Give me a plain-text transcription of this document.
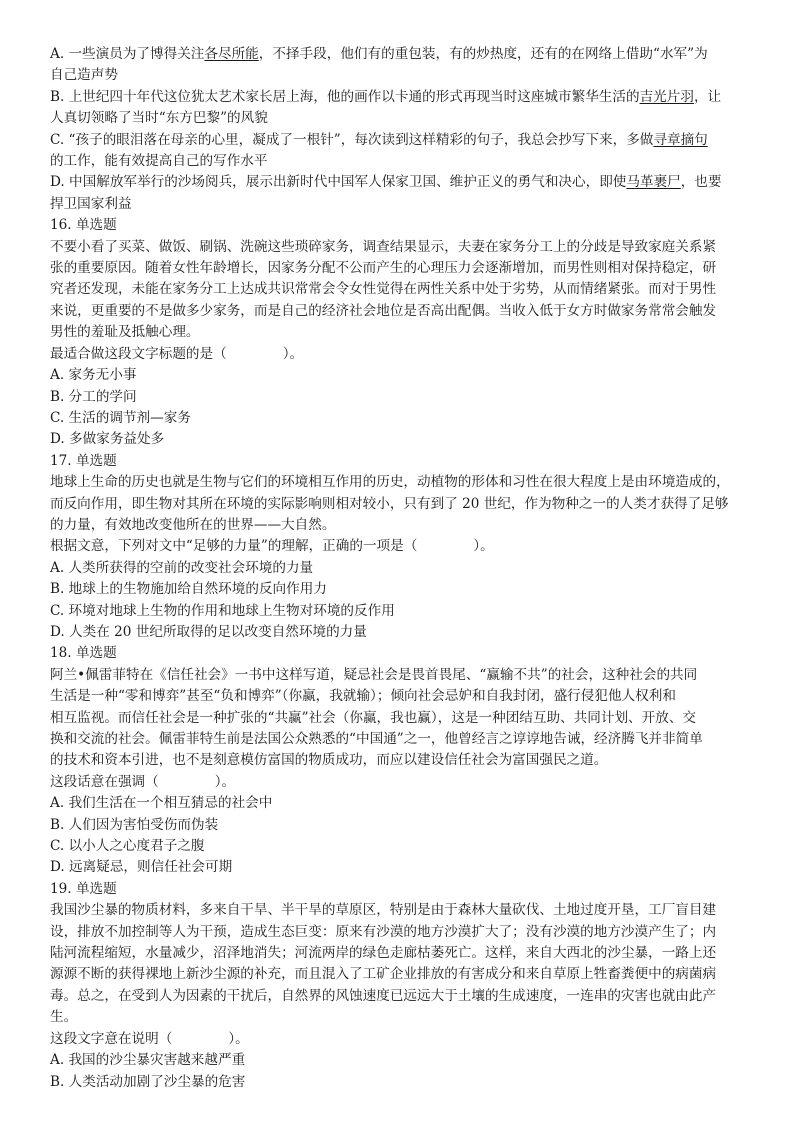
A. 一些演员为了博得关注各尽所能，不择手段，他们有的重包装，有的炒热度，还有的在网络上借助“水军”为
自己造声势
B. 上世纪四十年代这位犹太艺术家长居上海，他的画作以卡通的形式再现当时这座城市繁华生活的吉光片羽，让
人真切领略了当时“东方巴黎”的风貌
C. “孩子的眼泪落在母亲的心里，凝成了一根针”，每次读到这样精彩的句子，我总会抄写下来，多做寻章摘句
的工作，能有效提高自己的写作水平
D. 中国解放军举行的沙场阅兵，展示出新时代中国军人保家卫国、维护正义的勇气和决心，即使马革裹尸，也要
捍卫国家利益
16. 单选题
不要小看了买菜、做饭、刷锅、洗碗这些琐碎家务，调查结果显示，夫妻在家务分工上的分歧是导致家庭关系紧
张的重要原因。随着女性年龄增长，因家务分配不公而产生的心理压力会逐渐增加，而男性则相对保持稳定，研
究者还发现，未能在家务分工上达成共识常常会令女性觉得在两性关系中处于劣势，从而情绪紧张。而对于男性
来说，更重要的不是做多少家务，而是自己的经济社会地位是否高出配偶。当收入低于女方时做家务常常会触发
男性的羞耻及抵触心理。
最适合做这段文字标题的是（	）。
A. 家务无小事
B. 分工的学问
C. 生活的调节剂—家务
D. 多做家务益处多
17. 单选题
地球上生命的历史也就是生物与它们的环境相互作用的历史，动植物的形体和习性在很大程度上是由环境造成的，
而反向作用，即生物对其所在环境的实际影响则相对较小，只有到了 20 世纪，作为物种之一的人类才获得了足够
的力量，有效地改变他所在的世界——大自然。
根据文意，下列对文中“足够的力量”的理解，正确的一项是（	）。
A. 人类所获得的空前的改变社会环境的力量
B. 地球上的生物施加给自然环境的反向作用力
C. 环境对地球上生物的作用和地球上生物对环境的反作用
D. 人类在 20 世纪所取得的足以改变自然环境的力量
18. 单选题
阿兰•佩雷菲特在《信任社会》一书中这样写道，疑忌社会是畏首畏尾、“赢输不共”的社会，这种社会的共同
生活是一种“零和博弈”甚至“负和博弈”（你赢，我就输）；倾向社会忌妒和自我封闭，盛行侵犯他人权利和
相互监视。而信任社会是一种扩张的“共赢”社会（你赢，我也赢），这是一种团结互助、共同计划、开放、交
换和交流的社会。佩雷菲特生前是法国公众熟悉的“中国通”之一，他曾经言之谆谆地告诫，经济腾飞并非简单
的技术和资本引进，也不是刻意模仿富国的物质成功，而应以建设信任社会为富国强民之道。
这段话意在强调（	）。
A. 我们生活在一个相互猜忌的社会中
B. 人们因为害怕受伤而伪装
C. 以小人之心度君子之腹
D. 远离疑忌，则信任社会可期
19. 单选题
我国沙尘暴的物质材料，多来自干旱、半干旱的草原区，特别是由于森林大量砍伐、土地过度开垦，工厂盲目建
设，排放不加控制等人为干预，造成生态巨变：原来有沙漠的地方沙漠扩大了；没有沙漠的地方沙漠产生了；内
陆河流程缩短，水量减少，沼泽地消失；河流两岸的绿色走廊枯萎死亡。这样，来自大西北的沙尘暴，一路上还
源源不断的获得裸地上新沙尘源的补充，而且混入了工矿企业排放的有害成分和来自草原上牲畜粪便中的病菌病
毒。总之，在受到人为因素的干扰后，自然界的风蚀速度已远远大于土壤的生成速度，一连串的灾害也就由此产
生。
这段文字意在说明（	）。
A. 我国的沙尘暴灾害越来越严重
B. 人类活动加剧了沙尘暴的危害
